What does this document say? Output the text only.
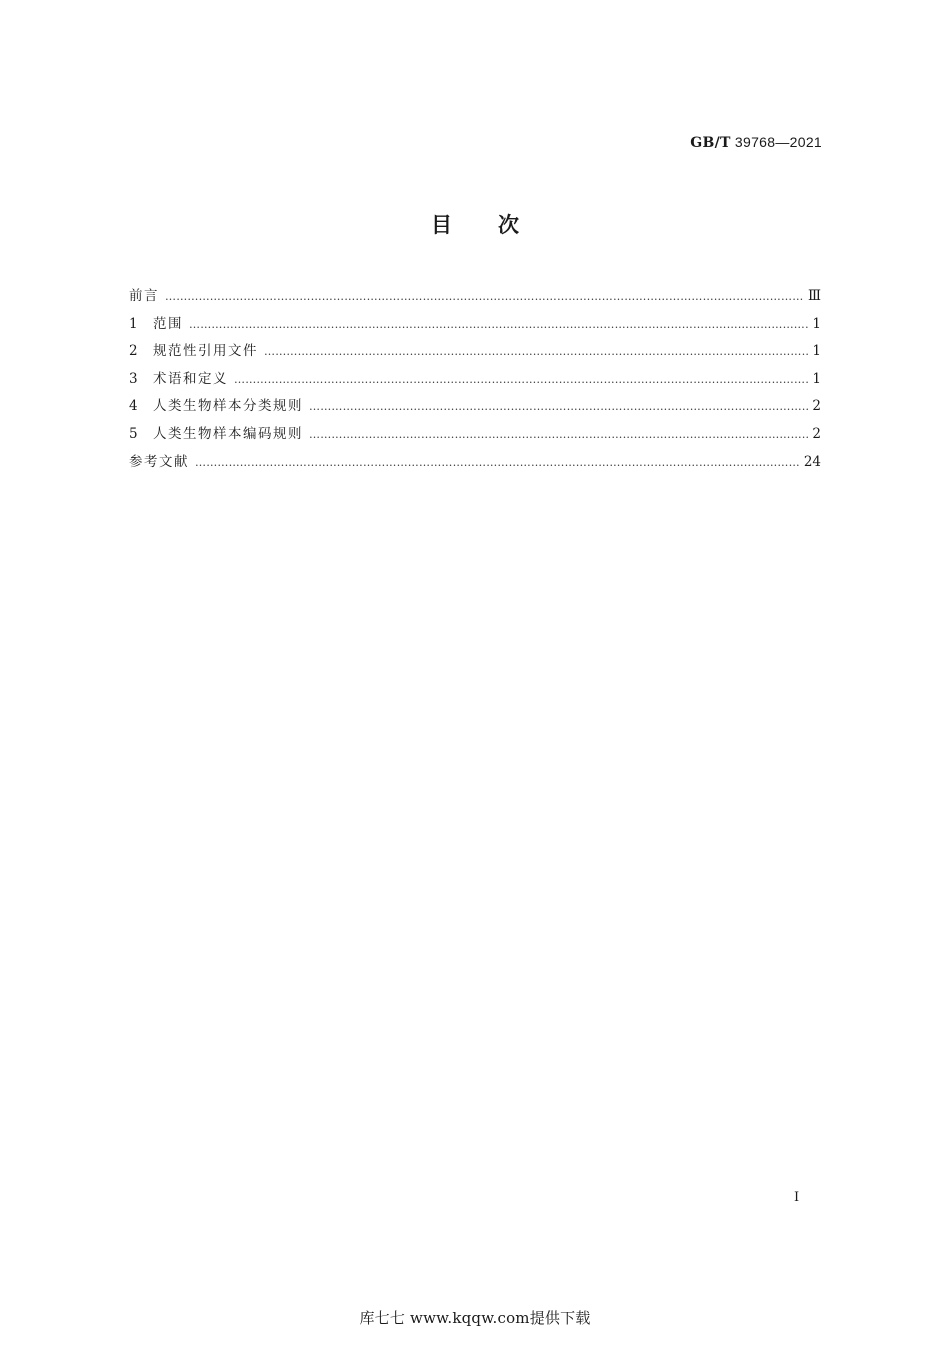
GB/T 39768—2021
目次
前言 ……………………………………………………………………………………………………………………………………………………………………………………………………………………………………………………………	Ⅲ
1	范围 ……………………………………………………………………………………………………………………………………………………………………………………………………………………………………………………………	1
2	规范性引用文件 ……………………………………………………………………………………………………………………………………………………………………………………………………………………………………………………………	1
3	术语和定义 ……………………………………………………………………………………………………………………………………………………………………………………………………………………………………………………………	1
4	人类生物样本分类规则 ……………………………………………………………………………………………………………………………………………………………………………………………………………………………………………………………	2
5	人类生物样本编码规则 ……………………………………………………………………………………………………………………………………………………………………………………………………………………………………………………………	2
参考文献 ……………………………………………………………………………………………………………………………………………………………………………………………………………………………………………………………	24
I
库七七 www.kqqw.com提供下载
